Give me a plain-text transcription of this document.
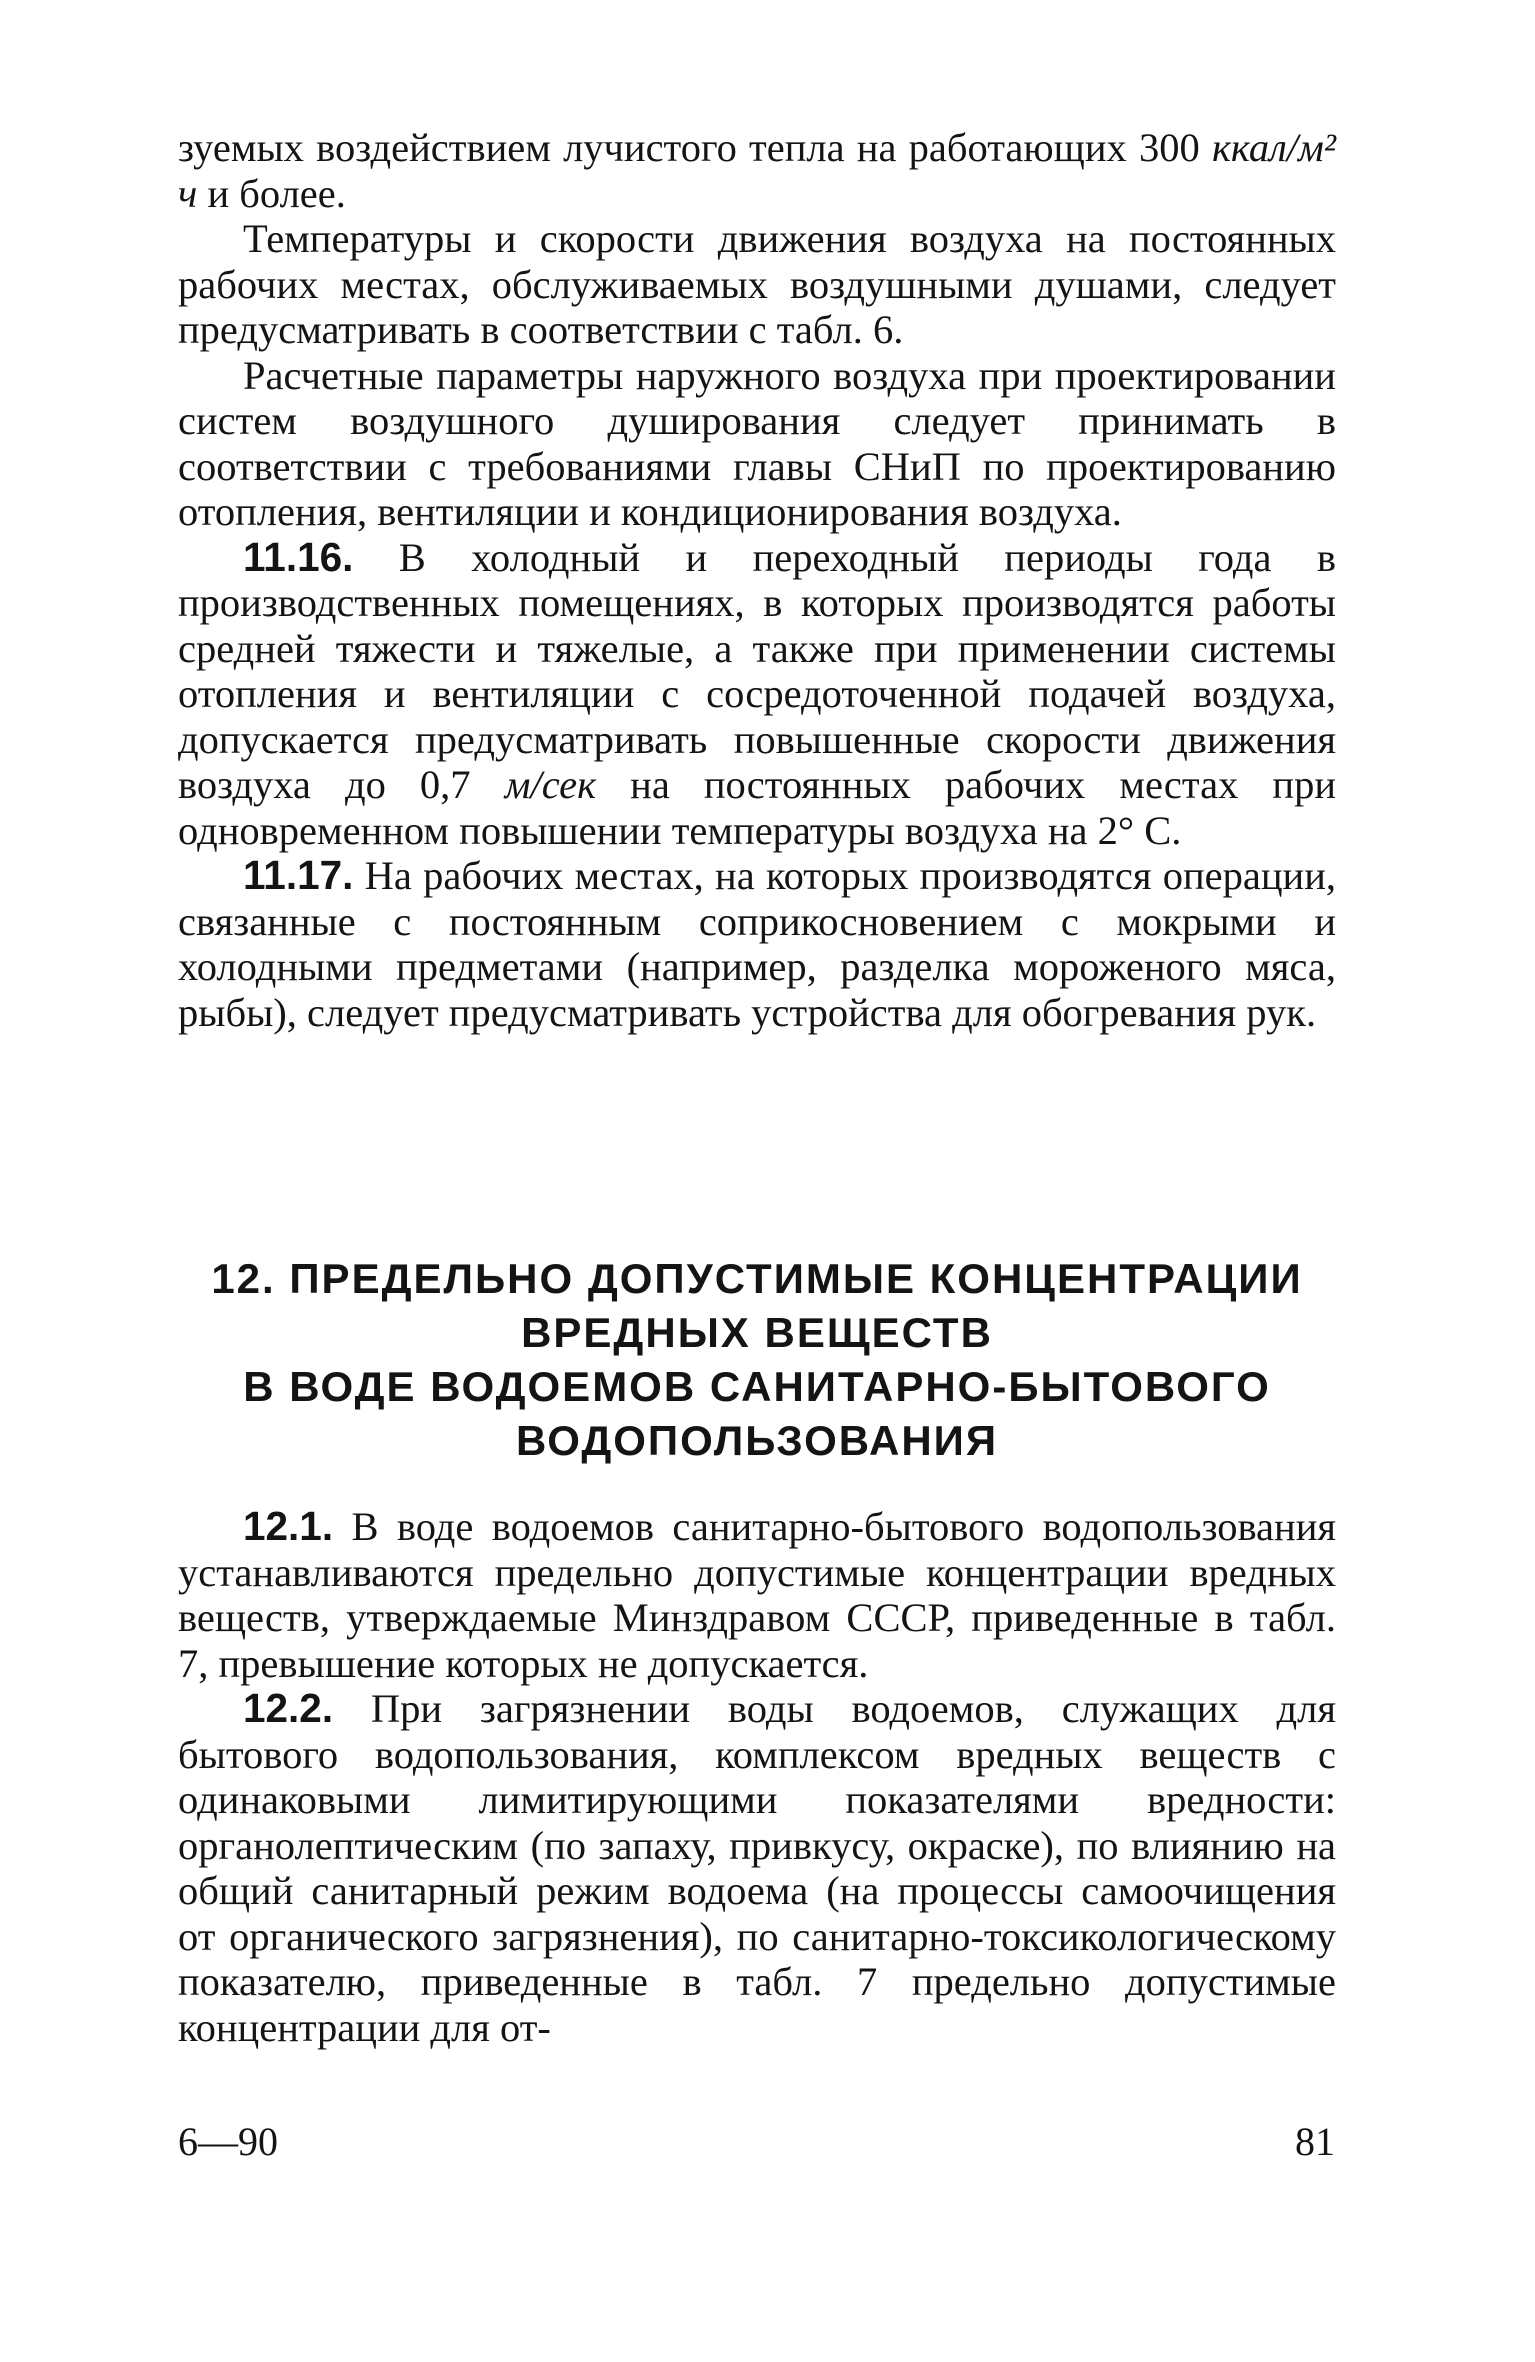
зуемых воздействием лучистого тепла на работающих 300 ккал/м² ч и более.

Температуры и скорости движения воздуха на постоянных рабочих местах, обслуживаемых воздушными душами, следует предусматривать в соответствии с табл. 6.

Расчетные параметры наружного воздуха при проектировании систем воздушного душирования следует принимать в соответствии с требованиями главы СНиП по проектированию отопления, вентиляции и кондиционирования воздуха.

11.16. В холодный и переходный периоды года в производственных помещениях, в которых производятся работы средней тяжести и тяжелые, а также при применении системы отопления и вентиляции с сосредоточенной подачей воздуха, допускается предусматривать повышенные скорости движения воздуха до 0,7 м/сек на постоянных рабочих местах при одновременном повышении температуры воздуха на 2° С.

11.17. На рабочих местах, на которых производятся операции, связанные с постоянным соприкосновением с мокрыми и холодными предметами (например, разделка мороженого мяса, рыбы), следует предусматривать устройства для обогревания рук.

12. ПРЕДЕЛЬНО ДОПУСТИМЫЕ КОНЦЕНТРАЦИИ
ВРЕДНЫХ ВЕЩЕСТВ
В ВОДЕ ВОДОЕМОВ САНИТАРНО-БЫТОВОГО
ВОДОПОЛЬЗОВАНИЯ

12.1. В воде водоемов санитарно-бытового водопользования устанавливаются предельно допустимые концентрации вредных веществ, утверждаемые Минздравом СССР, приведенные в табл. 7, превышение которых не допускается.

12.2. При загрязнении воды водоемов, служащих для бытового водопользования, комплексом вредных веществ с одинаковыми лимитирующими показателями вредности: органолептическим (по запаху, привкусу, окраске), по влиянию на общий санитарный режим водоема (на процессы самоочищения от органического загрязнения), по санитарно-токсикологическому показателю, приведенные в табл. 7 предельно допустимые концентрации для от-

6—90	81
